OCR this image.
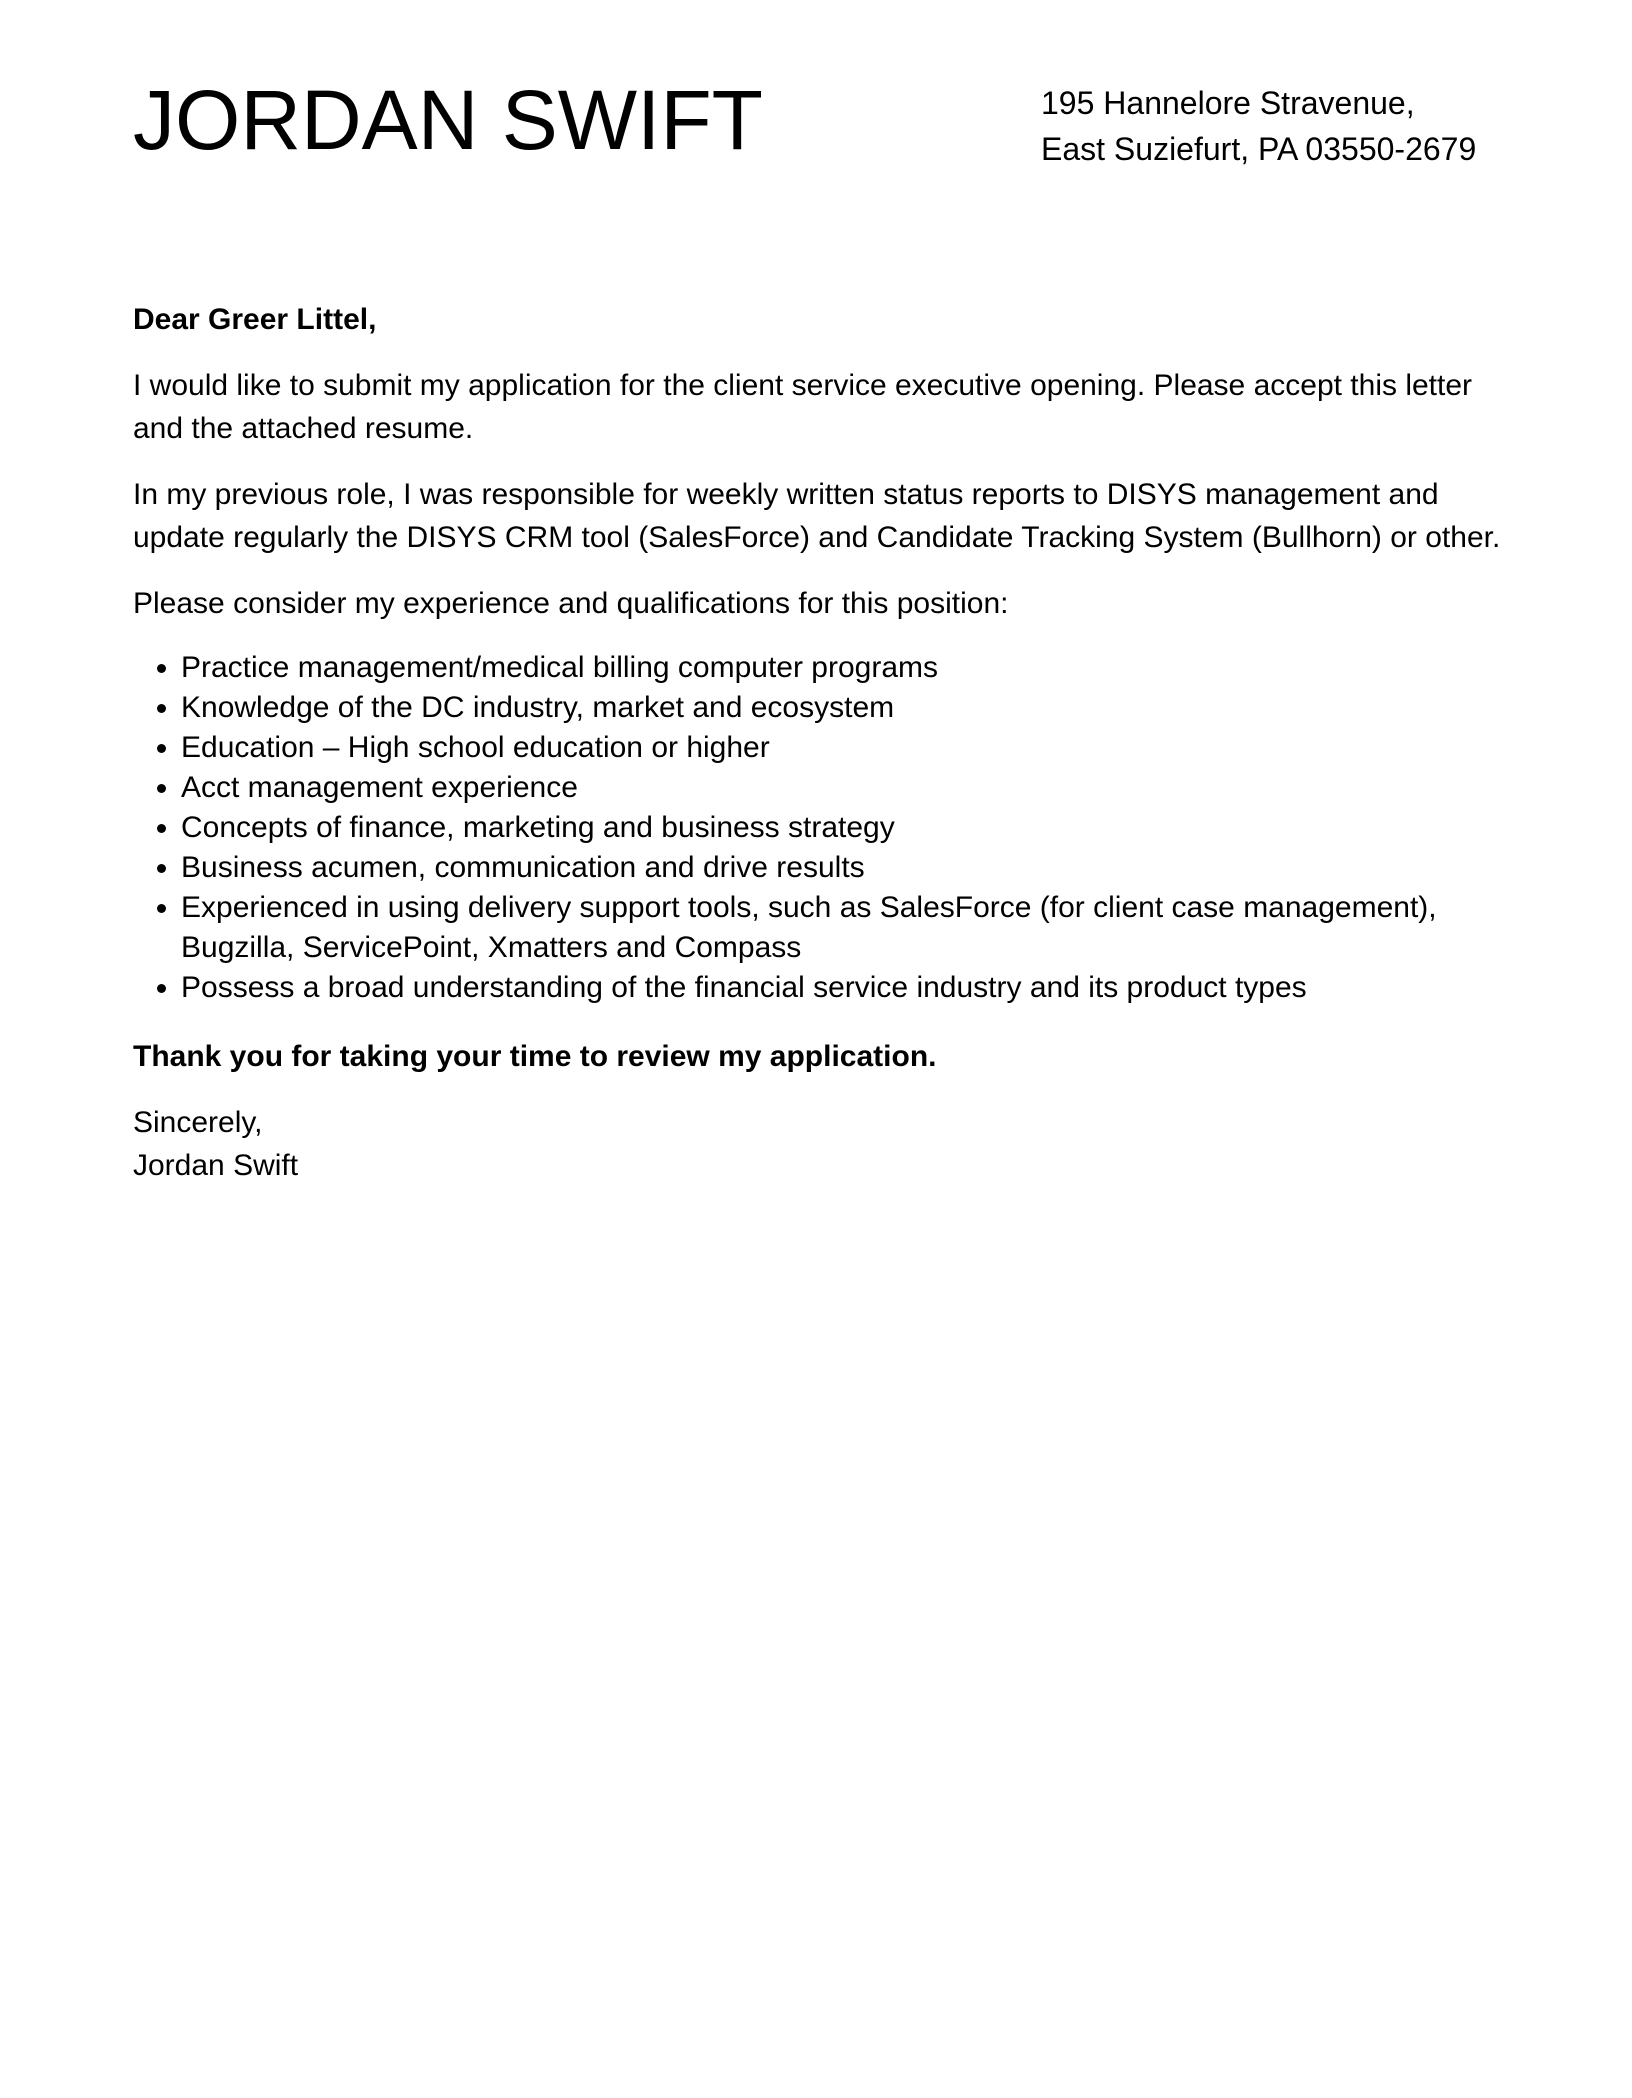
JORDAN SWIFT	195 Hannelore Stravenue,
East Suziefurt, PA 03550-2679

Dear Greer Littel,

I would like to submit my application for the client service executive opening. Please accept this letter and the attached resume.

In my previous role, I was responsible for weekly written status reports to DISYS management and update regularly the DISYS CRM tool (SalesForce) and Candidate Tracking System (Bullhorn) or other.

Please consider my experience and qualifications for this position:

• Practice management/medical billing computer programs
• Knowledge of the DC industry, market and ecosystem
• Education – High school education or higher
• Acct management experience
• Concepts of finance, marketing and business strategy
• Business acumen, communication and drive results
• Experienced in using delivery support tools, such as SalesForce (for client case management), Bugzilla, ServicePoint, Xmatters and Compass
• Possess a broad understanding of the financial service industry and its product types

Thank you for taking your time to review my application.

Sincerely,
Jordan Swift
